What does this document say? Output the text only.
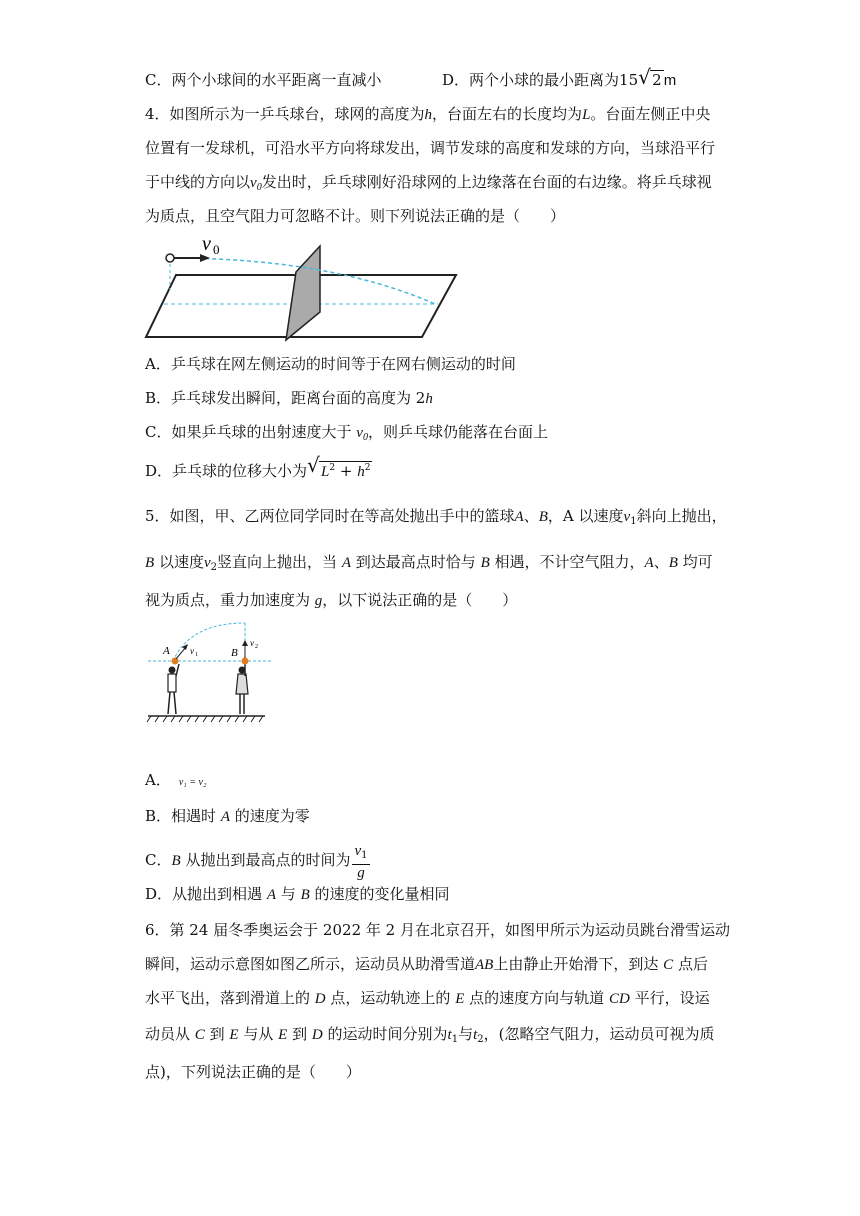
C．两个小球间的水平距离一直减小	D．两个小球的最小距离为15 √ 2 m
4．如图所示为一乒乓球台，球网的高度为h，台面左右的长度均为L。台面左侧正中央
位置有一发球机，可沿水平方向将球发出，调节发球的高度和发球的方向，当球沿平行
于中线的方向以$v_0$发出时，乒乓球刚好沿球网的上边缘落在台面的右边缘。将乒乓球视
为质点，且空气阻力可忽略不计。则下列说法正确的是（　　）
v 0
A．乒乓球在网左侧运动的时间等于在网右侧运动的时间
B．乒乓球发出瞬间，距离台面的高度为 2h
C．如果乒乓球的出射速度大于 $v_0$，则乒乓球仍能落在台面上
D．乒乓球的位移大小为 √ $L^2 + h^2$
5．如图，甲、乙两位同学同时在等高处抛出手中的篮球A、B，A 以速度$v_1$斜向上抛出，
B 以速度$v_2$竖直向上抛出，当 A 到达最高点时恰与 B 相遇，不计空气阻力，A、B 均可
视为质点，重力加速度为 g，以下说法正确的是（　　）
A v 1	B
v 2
A． v₁ = v₂
B．相遇时 A 的速度为零
C．B 从抛出到最高点的时间为 $\frac{v_1}{g}$
D．从抛出到相遇 A 与 B 的速度的变化量相同
6．第 24 届冬季奥运会于 2022 年 2 月在北京召开，如图甲所示为运动员跳台滑雪运动
瞬间，运动示意图如图乙所示，运动员从助滑雪道AB上由静止开始滑下，到达 C 点后
水平飞出，落到滑道上的 D 点，运动轨迹上的 E 点的速度方向与轨道 CD 平行，设运
动员从 C 到 E 与从 E 到 D 的运动时间分别为$t_1$与$t_2$，(忽略空气阻力，运动员可视为质
点)，下列说法正确的是（　　）
